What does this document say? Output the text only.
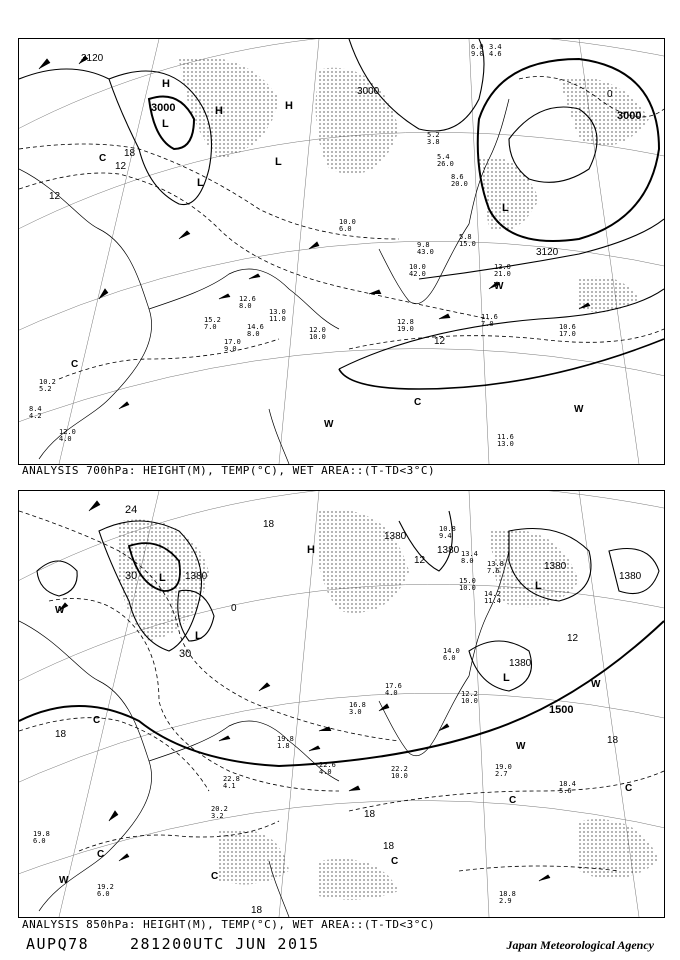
3120
3000
3000
3000
3120
18
12
12
0
12
H
H	H
L
L
L
C
C
C
W
W
W
L
10.2 5.2
8.4 4.2
12.0 4.0	11.6 13.0
10.6 17.0
12.8 19.0
11.6 7.0
12.6 8.0
13.0 11.0
15.2 7.0	14.6 8.0
17.0 9.0
12.0 10.0
10.0 6.0
9.8 43.0
10.0 42.0
5.8 15.0
13.0 21.0
5.2 3.8
5.4 26.0
8.6 20.0
6.0 9.0
3.4 4.6
ANALYSIS 700hPa: HEIGHT(M), TEMP(°C), WET AREA::(T-TD<3°C)
1380
1380
1380
1380
1380
1500
1380
24
18
30
30
18
12
18
18
18
18
0
12
H
L
L
L
L
W
W
W
W
C
C
C
C
C
C
19.8 6.0
19.2 6.0
20.2 3.2
22.8 4.1
22.6 4.0	22.2 10.0
19.0 2.7
18.4 5.6
18.8 2.9
19.8 1.8
16.8 3.0
17.6 4.0
14.0 6.0
12.2 10.0
14.2 11.4
15.0 10.0
13.4 8.0	13.8 7.6
10.8 9.4
ANALYSIS 850hPa: HEIGHT(M), TEMP(°C), WET AREA::(T-TD<3°C)
AUPQ78	281200UTC JUN 2015	Japan Meteorological Agency
